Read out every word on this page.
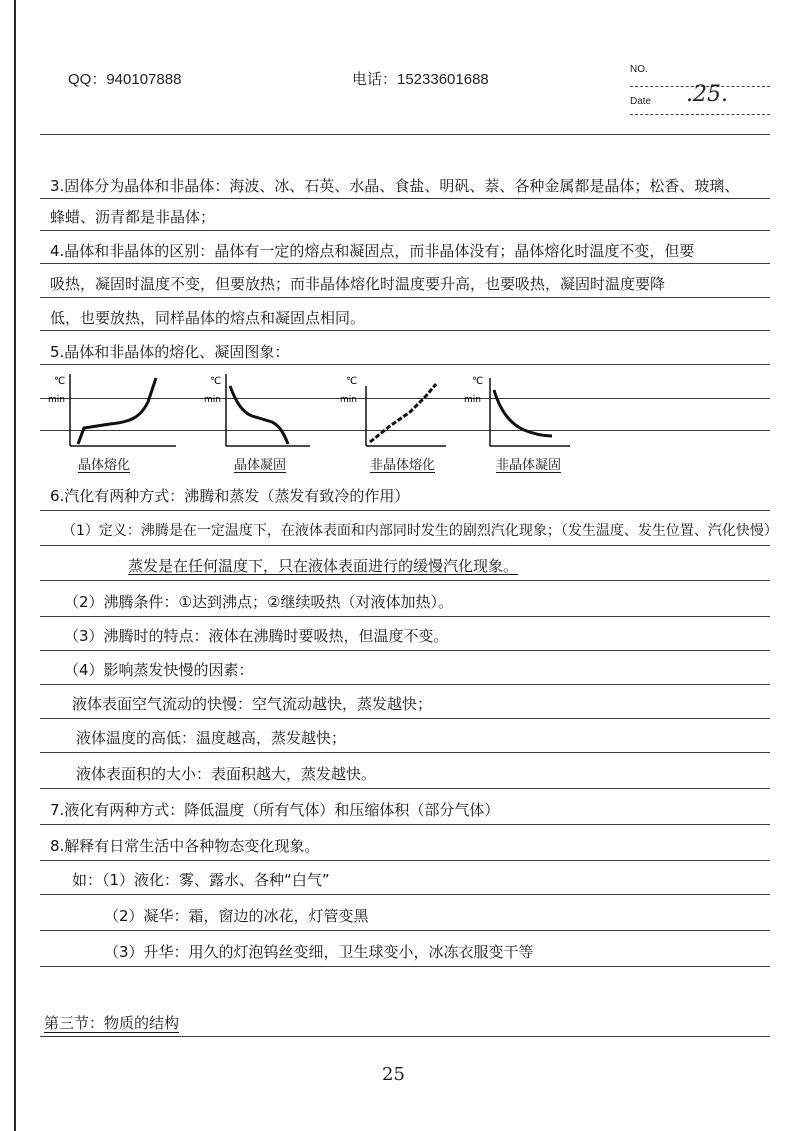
QQ：940107888	电话：15233601688
NO.
.25.
Date
3.固体分为晶体和非晶体：海波、冰、石英、水晶、食盐、明矾、萘、各种金属都是晶体；松香、玻璃、
蜂蜡、沥青都是非晶体；
4.晶体和非晶体的区别：晶体有一定的熔点和凝固点，而非晶体没有；晶体熔化时温度不变，但要
吸热，凝固时温度不变，但要放热；而非晶体熔化时温度要升高，也要吸热，凝固时温度要降
低，也要放热，同样晶体的熔点和凝固点相同。
5.晶体和非晶体的熔化、凝固图象：
℃
min
℃
min
℃
min
℃
min
晶体熔化	晶体凝固	非晶体熔化	非晶体凝固
6.汽化有两种方式：沸腾和蒸发（蒸发有致冷的作用）
（1）定义：沸腾是在一定温度下，在液体表面和内部同时发生的剧烈汽化现象；（发生温度、发生位置、汽化快慢）
蒸发是在任何温度下，只在液体表面进行的缓慢汽化现象。
（2）沸腾条件：①达到沸点；②继续吸热（对液体加热）。
（3）沸腾时的特点：液体在沸腾时要吸热，但温度不变。
（4）影响蒸发快慢的因素：
液体表面空气流动的快慢：空气流动越快，蒸发越快；
液体温度的高低：温度越高，蒸发越快；
液体表面积的大小：表面积越大，蒸发越快。
7.液化有两种方式：降低温度（所有气体）和压缩体积（部分气体）
8.解释有日常生活中各种物态变化现象。
如：（1）液化：雾、露水、各种“白气”
（2）凝华：霜，窗边的冰花，灯管变黑
（3）升华：用久的灯泡钨丝变细，卫生球变小，冰冻衣服变干等
第三节：物质的结构
25
